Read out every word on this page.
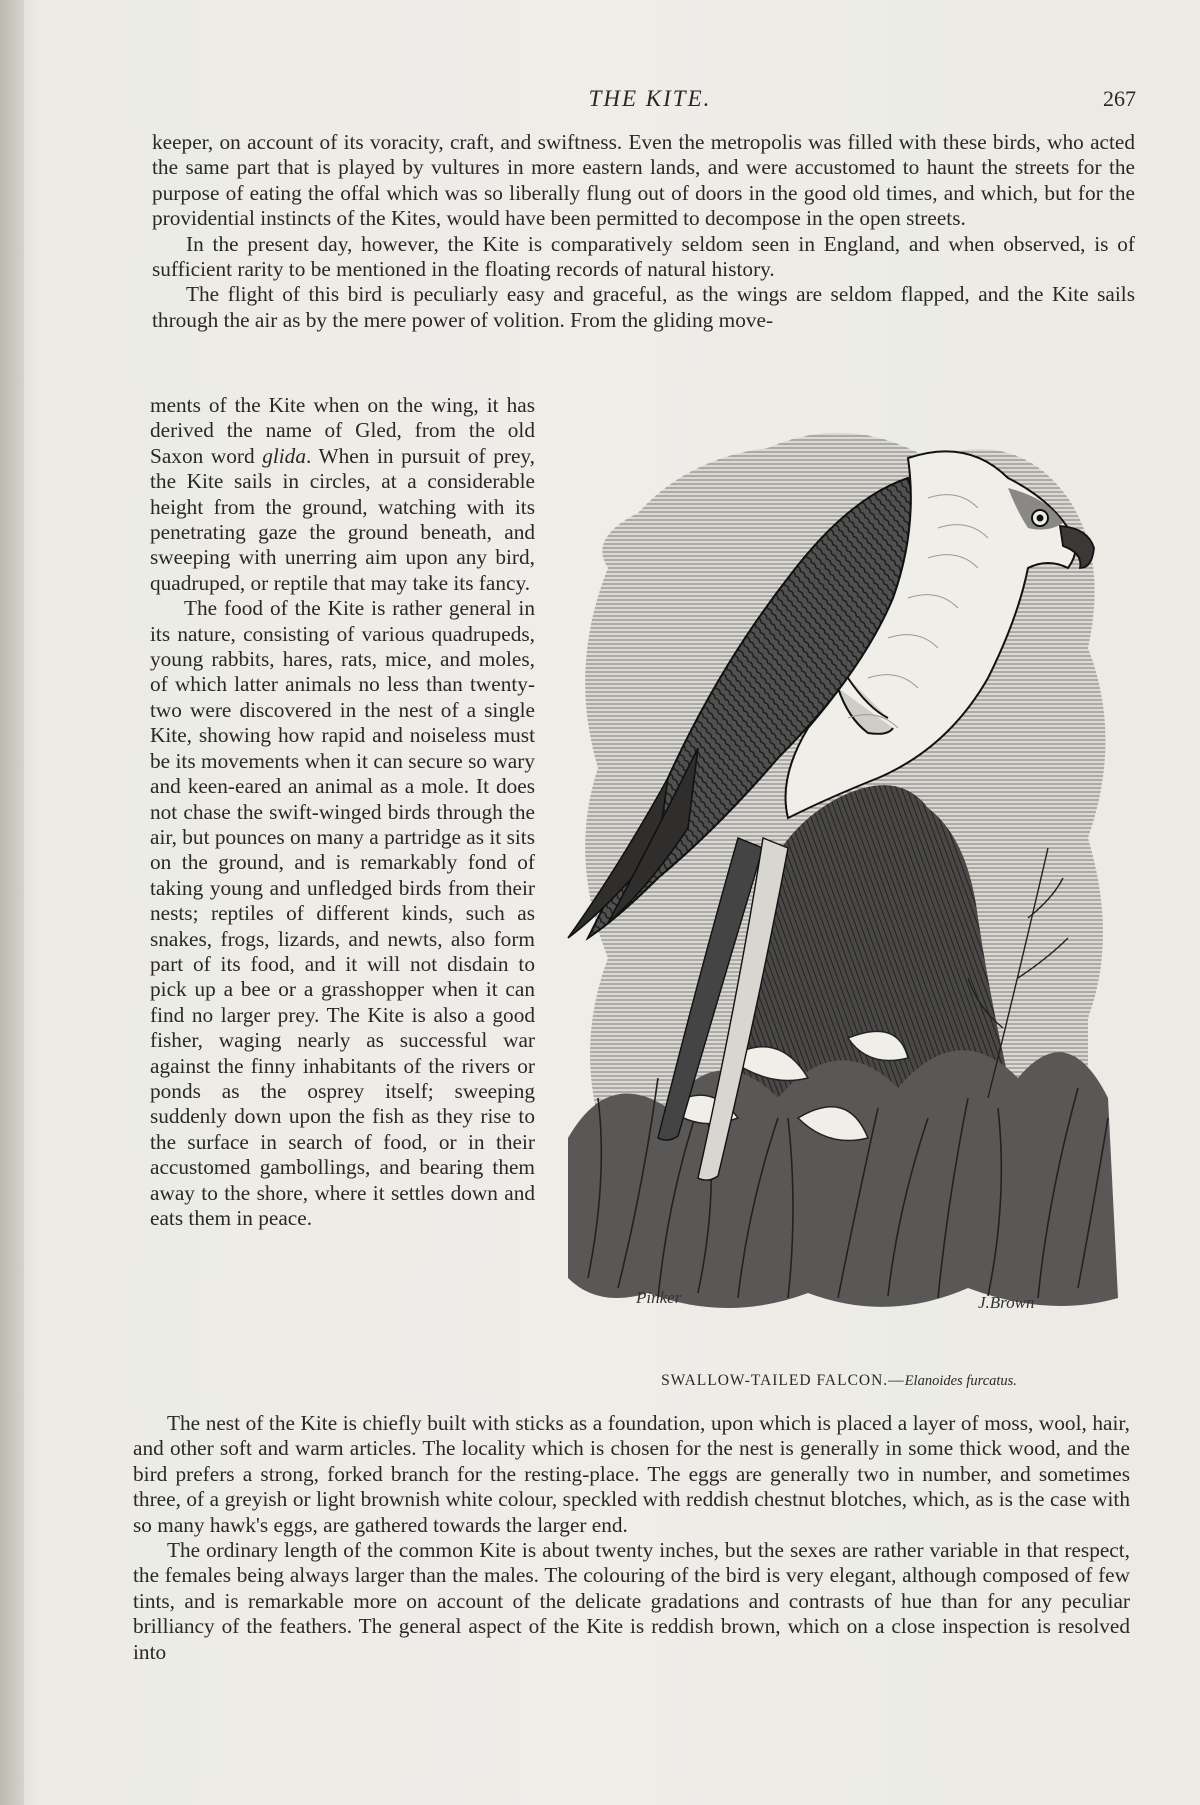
THE KITE.	267

keeper, on account of its voracity, craft, and swiftness. Even the metropolis was filled with these birds, who acted the same part that is played by vultures in more eastern lands, and were accustomed to haunt the streets for the purpose of eating the offal which was so liberally flung out of doors in the good old times, and which, but for the providential instincts of the Kites, would have been permitted to decompose in the open streets.

In the present day, however, the Kite is comparatively seldom seen in England, and when observed, is of sufficient rarity to be mentioned in the floating records of natural history.

The flight of this bird is peculiarly easy and graceful, as the wings are seldom flapped, and the Kite sails through the air as by the mere power of volition. From the gliding move-

ments of the Kite when on the wing, it has derived the name of Gled, from the old Saxon word glida. When in pursuit of prey, the Kite sails in circles, at a considerable height from the ground, watching with its penetrating gaze the ground beneath, and sweeping with unerring aim upon any bird, quadruped, or reptile that may take its fancy.

The food of the Kite is rather general in its nature, consisting of various quadrupeds, young rabbits, hares, rats, mice, and moles, of which latter animals no less than twenty-two were discovered in the nest of a single Kite, showing how rapid and noiseless must be its movements when it can secure so wary and keen-eared an animal as a mole. It does not chase the swift-winged birds through the air, but pounces on many a partridge as it sits on the ground, and is remarkably fond of taking young and unfledged birds from their nests; reptiles of different kinds, such as snakes, frogs, lizards, and newts, also form part of its food, and it will not disdain to pick up a bee or a grasshopper when it can find no larger prey. The Kite is also a good fisher, waging nearly as successful war against the finny inhabitants of the rivers or ponds as the osprey itself; sweeping suddenly down upon the fish as they rise to the surface in search of food, or in their accustomed gambollings, and bearing them away to the shore, where it settles down and eats them in peace.

Pinker	J.Brown
SWALLOW-TAILED FALCON.—Elanoides furcatus.

The nest of the Kite is chiefly built with sticks as a foundation, upon which is placed a layer of moss, wool, hair, and other soft and warm articles. The locality which is chosen for the nest is generally in some thick wood, and the bird prefers a strong, forked branch for the resting-place. The eggs are generally two in number, and sometimes three, of a greyish or light brownish white colour, speckled with reddish chestnut blotches, which, as is the case with so many hawk's eggs, are gathered towards the larger end.

The ordinary length of the common Kite is about twenty inches, but the sexes are rather variable in that respect, the females being always larger than the males. The colouring of the bird is very elegant, although composed of few tints, and is remarkable more on account of the delicate gradations and contrasts of hue than for any peculiar brilliancy of the feathers. The general aspect of the Kite is reddish brown, which on a close inspection is resolved into
